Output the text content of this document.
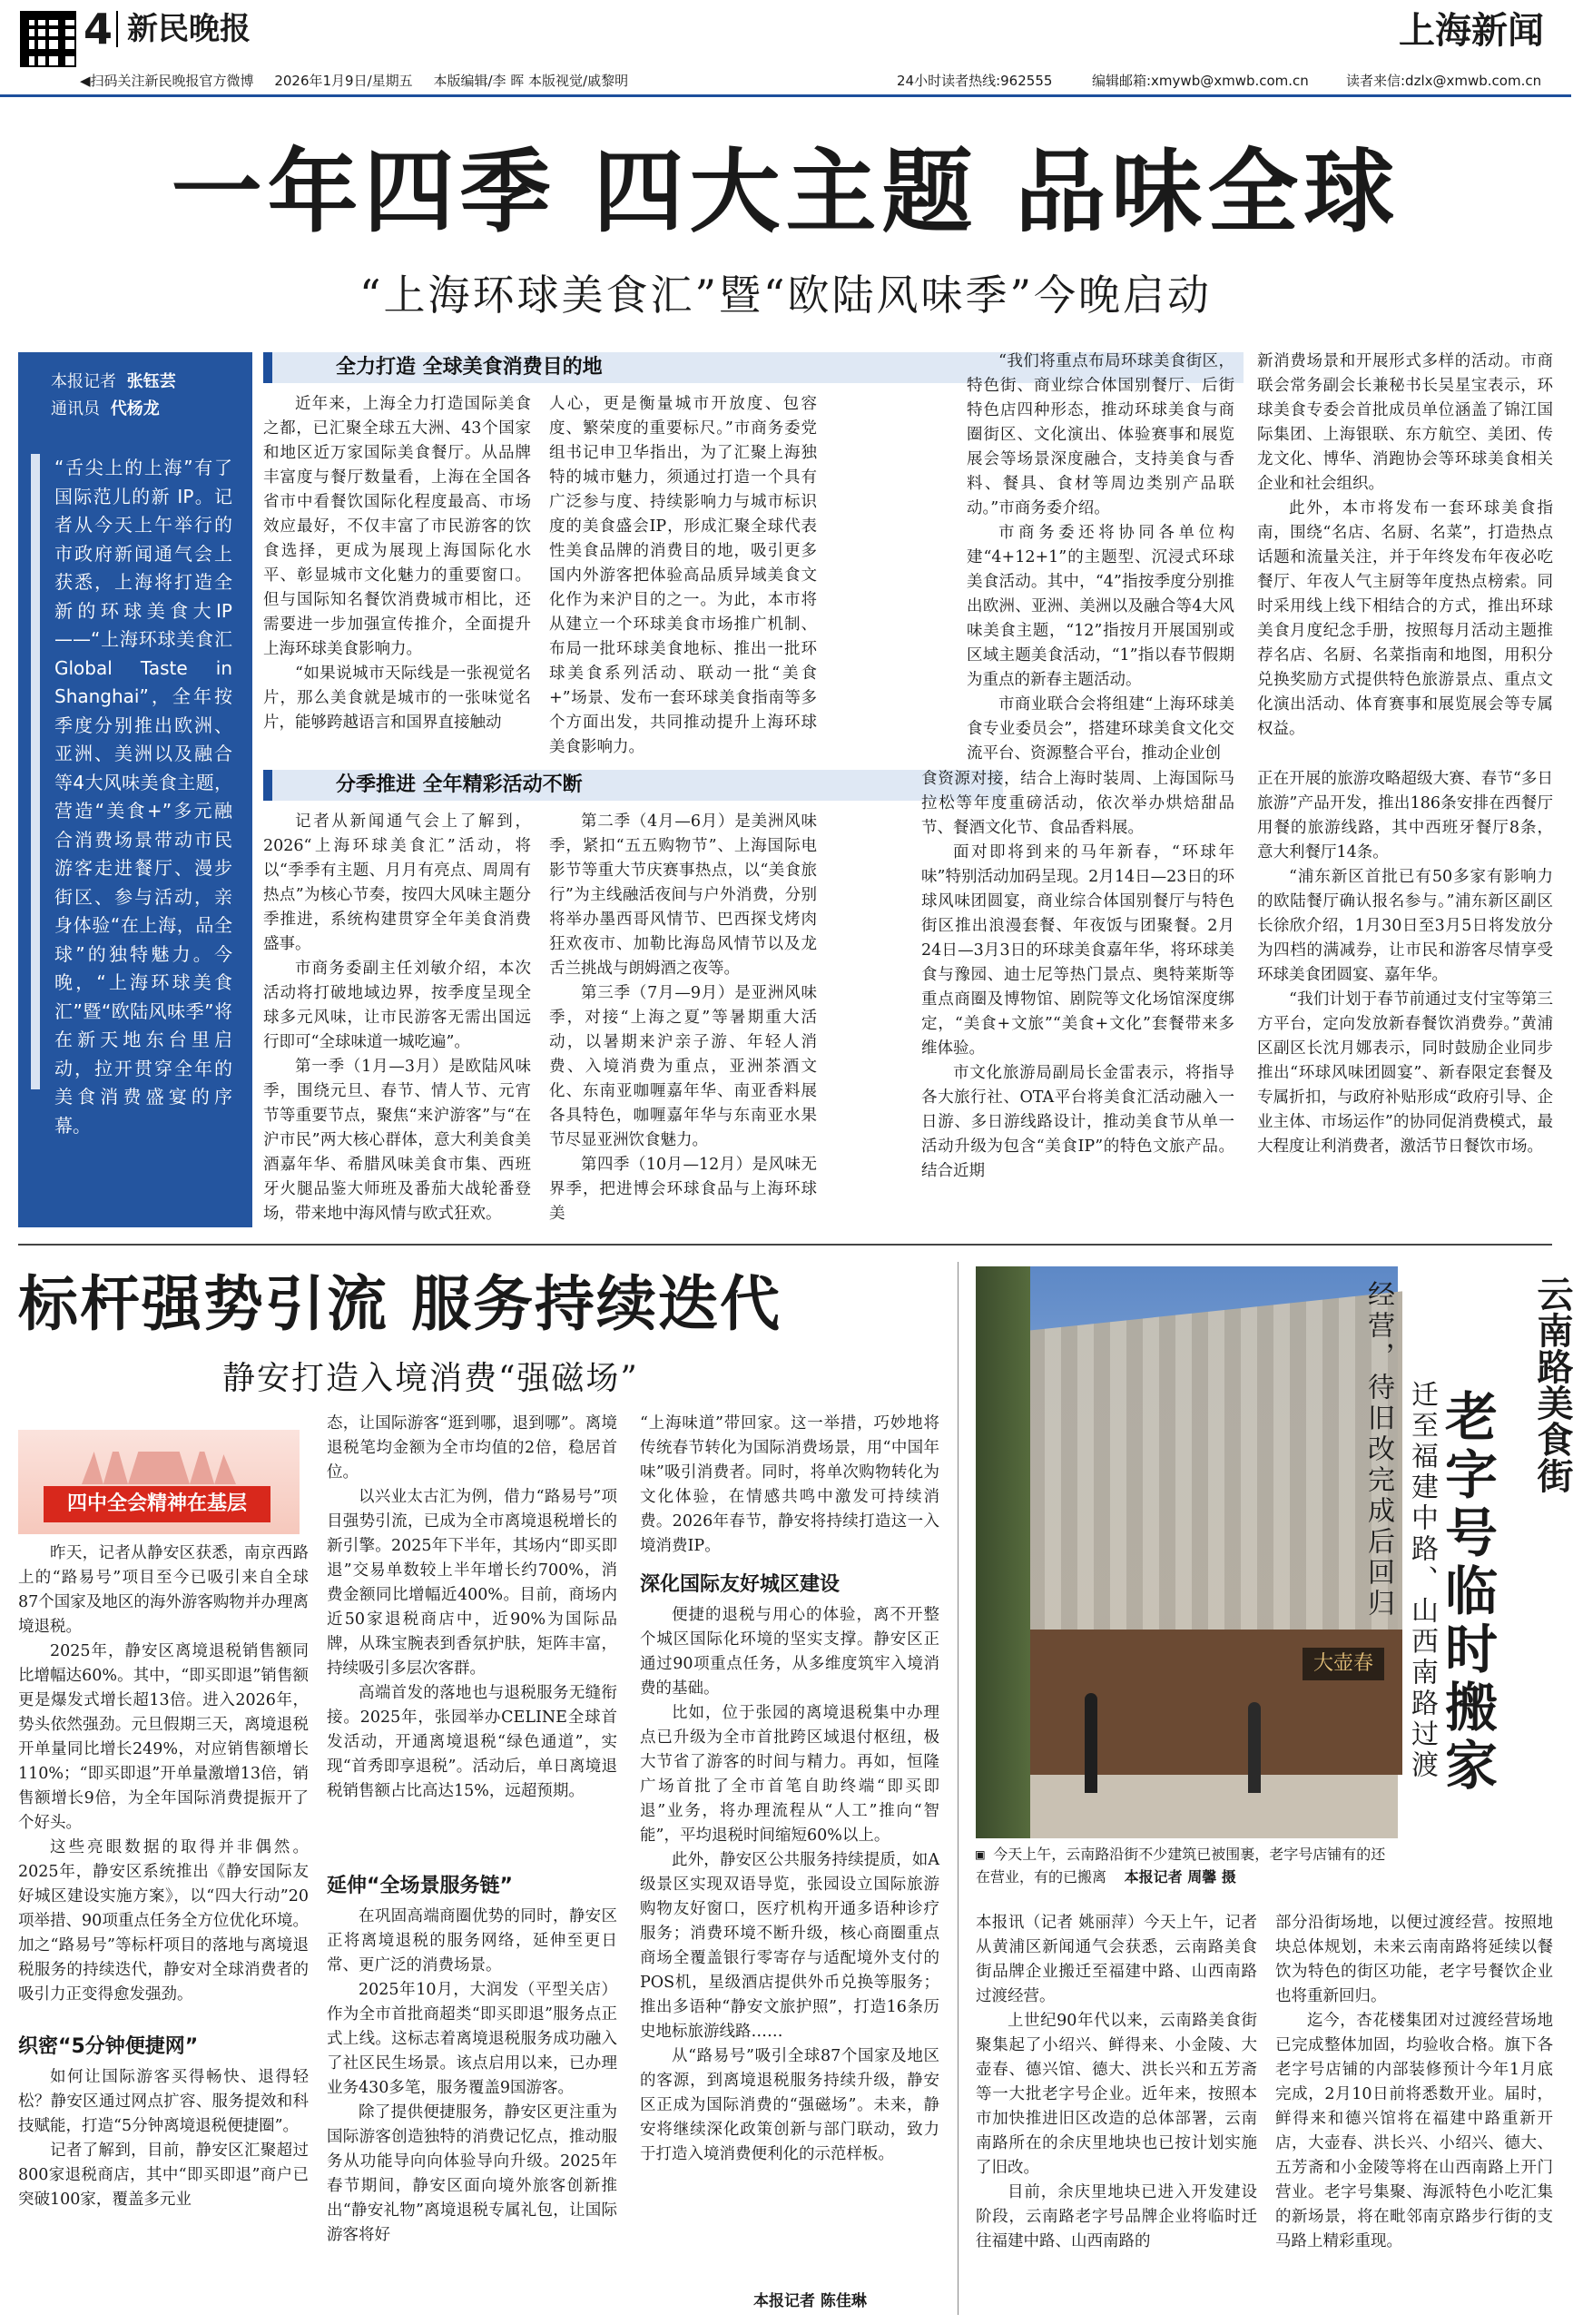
4 新民晚报	上海新闻
◀扫码关注新民晚报官方微博 2026年1月9日/星期五 本版编辑/李 晖 本版视觉/戚黎明	24小时读者热线:962555	编辑邮箱:xmywb@xmwb.com.cn	读者来信:dzlx@xmwb.com.cn
一年四季 四大主题 品味全球
“上海环球美食汇”暨“欧陆风味季”今晚启动
本报记者 张钰芸
通讯员 代杨龙
“舌尖上的上海”有了国际范儿的新 IP。记者从今天上午举行的市政府新闻通气会上获悉，上海将打造全新的环球美食大IP——“上海环球美食汇 Global Taste in Shanghai”，全年按季度分别推出欧洲、亚洲、美洲以及融合等4大风味美食主题，营造“美食+”多元融合消费场景带动市民游客走进餐厅、漫步街区、参与活动，亲身体验“在上海，品全球”的独特魅力。今晚，“上海环球美食汇”暨“欧陆风味季”将在新天地东台里启动，拉开贯穿全年的美食消费盛宴的序幕。
全力打造 全球美食消费目的地

近年来，上海全力打造国际美食之都，已汇聚全球五大洲、43个国家和地区近万家国际美食餐厅。从品牌丰富度与餐厅数量看，上海在全国各省市中看餐饮国际化程度最高、市场效应最好，不仅丰富了市民游客的饮食选择，更成为展现上海国际化水平、彰显城市文化魅力的重要窗口。但与国际知名餐饮消费城市相比，还需要进一步加强宣传推介，全面提升上海环球美食影响力。

“如果说城市天际线是一张视觉名片，那么美食就是城市的一张味觉名片，能够跨越语言和国界直接触动

人心，更是衡量城市开放度、包容度、繁荣度的重要标尺。”市商务委党组书记申卫华指出，为了汇聚上海独特的城市魅力，须通过打造一个具有广泛参与度、持续影响力与城市标识度的美食盛会IP，形成汇聚全球代表性美食品牌的消费目的地，吸引更多国内外游客把体验高品质异域美食文化作为来沪目的之一。为此，本市将从建立一个环球美食市场推广机制、布局一批环球美食地标、推出一批环球美食系列活动、联动一批“美食+”场景、发布一套环球美食指南等多个方面出发，共同推动提升上海环球美食影响力。

“我们将重点布局环球美食街区，特色街、商业综合体国别餐厅、后街特色店四种形态，推动环球美食与商圈街区、文化演出、体验赛事和展览展会等场景深度融合，支持美食与香料、餐具、食材等周边类别产品联动。”市商务委介绍。

市商务委还将协同各单位构建“4+12+1”的主题型、沉浸式环球美食活动。其中，“4”指按季度分别推出欧洲、亚洲、美洲以及融合等4大风味美食主题，“12”指按月开展国别或区域主题美食活动，“1”指以春节假期为重点的新春主题活动。

市商业联合会将组建“上海环球美食专业委员会”，搭建环球美食文化交流平台、资源整合平台，推动企业创

新消费场景和开展形式多样的活动。市商联会常务副会长兼秘书长吴星宝表示，环球美食专委会首批成员单位涵盖了锦江国际集团、上海银联、东方航空、美团、传龙文化、博华、消跑协会等环球美食相关企业和社会组织。

此外，本市将发布一套环球美食指南，围绕“名店、名厨、名菜”，打造热点话题和流量关注，并于年终发布年夜必吃餐厅、年夜人气主厨等年度热点榜索。同时采用线上线下相结合的方式，推出环球美食月度纪念手册，按照每月活动主题推荐名店、名厨、名菜指南和地图，用积分兑换奖励方式提供特色旅游景点、重点文化演出活动、体育赛事和展览展会等专属权益。

分季推进 全年精彩活动不断

记者从新闻通气会上了解到，2026“上海环球美食汇”活动，将以“季季有主题、月月有亮点、周周有热点”为核心节奏，按四大风味主题分季推进，系统构建贯穿全年美食消费盛事。

市商务委副主任刘敏介绍，本次活动将打破地域边界，按季度呈现全球多元风味，让市民游客无需出国远行即可“全球味道一城吃遍”。

第一季（1月—3月）是欧陆风味季，围绕元旦、春节、情人节、元宵节等重要节点，聚焦“来沪游客”与“在沪市民”两大核心群体，意大利美食美酒嘉年华、希腊风味美食市集、西班牙火腿品鉴大师班及番茄大战轮番登场，带来地中海风情与欧式狂欢。

第二季（4月—6月）是美洲风味季，紧扣“五五购物节”、上海国际电影节等重大节庆赛事热点，以“美食旅行”为主线融活夜间与户外消费，分别将举办墨西哥风情节、巴西探戈烤肉狂欢夜市、加勒比海岛风情节以及龙舌兰挑战与朗姆酒之夜等。

第三季（7月—9月）是亚洲风味季，对接“上海之夏”等暑期重大活动，以暑期来沪亲子游、年轻人消费、入境消费为重点，亚洲茶酒文化、东南亚咖喱嘉年华、南亚香料展各具特色，咖喱嘉年华与东南亚水果节尽显亚洲饮食魅力。

第四季（10月—12月）是风味无界季，把进博会环球食品与上海环球美

食资源对接，结合上海时装周、上海国际马拉松等年度重磅活动，依次举办烘焙甜品节、餐酒文化节、食品香料展。

面对即将到来的马年新春，“环球年味”特别活动加码呈现。2月14日—23日的环球风味团圆宴，商业综合体国别餐厅与特色街区推出浪漫套餐、年夜饭与团聚餐。2月24日—3月3日的环球美食嘉年华，将环球美食与豫园、迪士尼等热门景点、奥特莱斯等重点商圈及博物馆、剧院等文化场馆深度绑定，“美食+文旅”“美食+文化”套餐带来多维体验。

市文化旅游局副局长金雷表示，将指导各大旅行社、OTA平台将美食汇活动融入一日游、多日游线路设计，推动美食节从单一活动升级为包含“美食IP”的特色文旅产品。结合近期

正在开展的旅游攻略超级大赛、春节“多日旅游”产品开发，推出186条安排在西餐厅用餐的旅游线路，其中西班牙餐厅8条，意大利餐厅14条。

“浦东新区首批已有50多家有影响力的欧陆餐厅确认报名参与。”浦东新区副区长徐欣介绍，1月30日至3月5日将发放分为四档的满减券，让市民和游客尽情享受环球美食团圆宴、嘉年华。

“我们计划于春节前通过支付宝等第三方平台，定向发放新春餐饮消费券。”黄浦区副区长沈月娜表示，同时鼓励企业同步推出“环球风味团圆宴”、新春限定套餐及专属折扣，与政府补贴形成“政府引导、企业主体、市场运作”的协同促消费模式，最大程度让利消费者，激活节日餐饮市场。

标杆强势引流 服务持续迭代
静安打造入境消费“强磁场”
四中全会精神在基层

昨天，记者从静安区获悉，南京西路上的“路易号”项目至今已吸引来自全球87个国家及地区的海外游客购物并办理离境退税。

2025年，静安区离境退税销售额同比增幅达60%。其中，“即买即退”销售额更是爆发式增长超13倍。进入2026年，势头依然强劲。元旦假期三天，离境退税开单量同比增长249%，对应销售额增长110%；“即买即退”开单量激增13倍，销售额增长9倍，为全年国际消费提振开了个好头。

这些亮眼数据的取得并非偶然。2025年，静安区系统推出《静安国际友好城区建设实施方案》，以“四大行动”20项举措、90项重点任务全方位优化环境。加之“路易号”等标杆项目的落地与离境退税服务的持续迭代，静安对全球消费者的吸引力正变得愈发强劲。

织密“5分钟便捷网”

如何让国际游客买得畅快、退得轻松？静安区通过网点扩容、服务提效和科技赋能，打造“5分钟离境退税便捷圈”。

记者了解到，目前，静安区汇聚超过800家退税商店，其中“即买即退”商户已突破100家，覆盖多元业

态，让国际游客“逛到哪，退到哪”。离境退税笔均金额为全市均值的2倍，稳居首位。

以兴业太古汇为例，借力“路易号”项目强势引流，已成为全市离境退税增长的新引擎。2025年下半年，其场内“即买即退”交易单数较上半年增长约700%，消费金额同比增幅近400%。目前，商场内近50家退税商店中，近90%为国际品牌，从珠宝腕表到香氛护肤，矩阵丰富，持续吸引多层次客群。

高端首发的落地也与退税服务无缝衔接。2025年，张园举办CELINE全球首发活动，开通离境退税“绿色通道”，实现“首秀即享退税”。活动后，单日离境退税销售额占比高达15%，远超预期。

延伸“全场景服务链”

在巩固高端商圈优势的同时，静安区正将离境退税的服务网络，延伸至更日常、更广泛的消费场景。

2025年10月，大润发（平型关店）作为全市首批商超类“即买即退”服务点正式上线。这标志着离境退税服务成功融入了社区民生场景。该点启用以来，已办理业务430多笔，服务覆盖9国游客。

除了提供便捷服务，静安区更注重为国际游客创造独特的消费记忆点，推动服务从功能导向向体验导向升级。2025年春节期间，静安区面向境外旅客创新推出“静安礼物”离境退税专属礼包，让国际游客将好

“上海味道”带回家。这一举措，巧妙地将传统春节转化为国际消费场景，用“中国年味”吸引消费者。同时，将单次购物转化为文化体验，在情感共鸣中激发可持续消费。2026年春节，静安将持续打造这一入境消费IP。

深化国际友好城区建设

便捷的退税与用心的体验，离不开整个城区国际化环境的坚实支撑。静安区正通过90项重点任务，从多维度筑牢入境消费的基础。

比如，位于张园的离境退税集中办理点已升级为全市首批跨区域退付枢纽，极大节省了游客的时间与精力。再如，恒隆广场首批了全市首笔自助终端“即买即退”业务，将办理流程从“人工”推向“智能”，平均退税时间缩短60%以上。

此外，静安区公共服务持续提质，如A级景区实现双语导览，张园设立国际旅游购物友好窗口，医疗机构开通多语种诊疗服务；消费环境不断升级，核心商圈重点商场全覆盖银行零寄存与适配境外支付的POS机，星级酒店提供外币兑换等服务；推出多语种“静安文旅护照”，打造16条历史地标旅游线路……

从“路易号”吸引全球87个国家及地区的客源，到离境退税服务持续升级，静安区正成为国际消费的“强磁场”。未来，静安将继续深化政策创新与部门联动，致力于打造入境消费便利化的示范样板。

本报记者 陈佳琳
大壶春
云南路美食街
老字号临时搬家
迁至福建中路、山西南路过渡
经营，待旧改完成后回归
▣ 今天上午，云南路沿街不少建筑已被围裹，老字号店铺有的还在营业，有的已搬离 本报记者 周馨 摄

本报讯（记者 姚丽萍）今天上午，记者从黄浦区新闻通气会获悉，云南路美食街品牌企业搬迁至福建中路、山西南路过渡经营。

上世纪90年代以来，云南路美食街聚集起了小绍兴、鲜得来、小金陵、大壶春、德兴馆、德大、洪长兴和五芳斋等一大批老字号企业。近年来，按照本市加快推进旧区改造的总体部署，云南南路所在的余庆里地块也已按计划实施了旧改。

目前，余庆里地块已进入开发建设阶段，云南路老字号品牌企业将临时迁往福建中路、山西南路的

部分沿街场地，以便过渡经营。按照地块总体规划，未来云南南路将延续以餐饮为特色的街区功能，老字号餐饮企业也将重新回归。

迄今，杏花楼集团对过渡经营场地已完成整体加固，均验收合格。旗下各老字号店铺的内部装修预计今年1月底完成，2月10日前将悉数开业。届时，鲜得来和德兴馆将在福建中路重新开店，大壶春、洪长兴、小绍兴、德大、五芳斋和小金陵等将在山西南路上开门营业。老字号集聚、海派特色小吃汇集的新场景，将在毗邻南京路步行街的支马路上精彩重现。
